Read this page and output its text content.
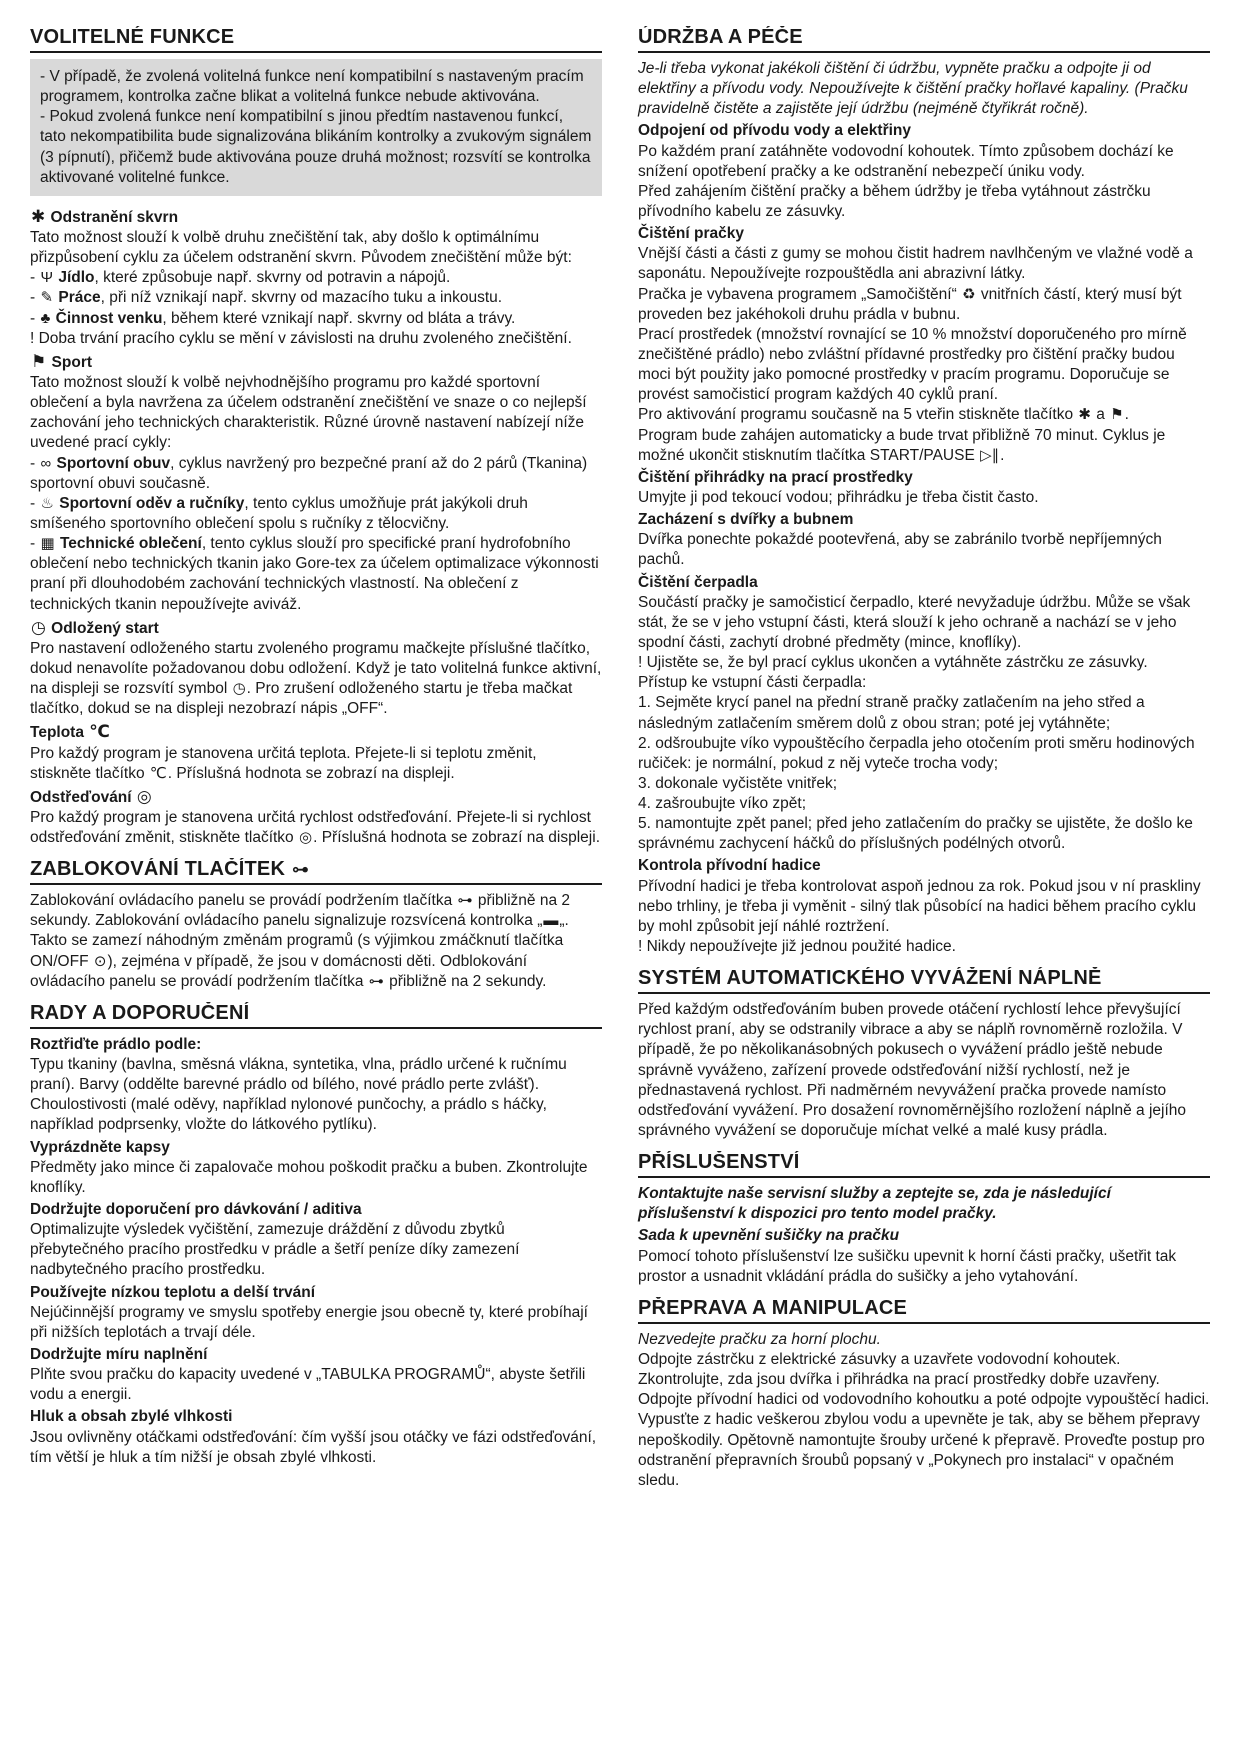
VOLITELNÉ FUNKCE
- V případě, že zvolená volitelná funkce není kompatibilní s nastaveným pracím programem, kontrolka začne blikat a volitelná funkce nebude aktivována.
- Pokud zvolená funkce není kompatibilní s jinou předtím nastavenou funkcí, tato nekompatibilita bude signalizována blikáním kontrolky a zvukovým signálem (3 pípnutí), přičemž bude aktivována pouze druhá možnost; rozsvítí se kontrolka aktivované volitelné funkce.
✱ Odstranění skvrn
Tato možnost slouží k volbě druhu znečištění tak, aby došlo k optimálnímu přizpůsobení cyklu za účelem odstranění skvrn. Původem znečištění může být:
- Ψ Jídlo, které způsobuje např. skvrny od potravin a nápojů.
- ✎ Práce, při níž vznikají např. skvrny od mazacího tuku a inkoustu.
- ♣ Činnost venku, během které vznikají např. skvrny od bláta a trávy.
! Doba trvání pracího cyklu se mění v závislosti na druhu zvoleného znečištění.
⚑ Sport
Tato možnost slouží k volbě nejvhodnějšího programu pro každé sportovní oblečení a byla navržena za účelem odstranění znečištění ve snaze o co nejlepší zachování jeho technických charakteristik. Různé úrovně nastavení nabízejí níže uvedené prací cykly:
- ∞ Sportovní obuv, cyklus navržený pro bezpečné praní až do 2 párů (Tkanina) sportovní obuvi současně.
- ♨ Sportovní oděv a ručníky, tento cyklus umožňuje prát jakýkoli druh smíšeného sportovního oblečení spolu s ručníky z tělocvičny.
- ▦ Technické oblečení, tento cyklus slouží pro specifické praní hydrofobního oblečení nebo technických tkanin jako Gore-tex za účelem optimalizace výkonnosti praní při dlouhodobém zachování technických vlastností. Na oblečení z technických tkanin nepoužívejte aviváž.
◷ Odložený start
Pro nastavení odloženého startu zvoleného programu mačkejte příslušné tlačítko, dokud nenavolíte požadovanou dobu odložení. Když je tato volitelná funkce aktivní, na displeji se rozsvítí symbol ◷. Pro zrušení odloženého startu je třeba mačkat tlačítko, dokud se na displeji nezobrazí nápis „OFF“.
Teplota ℃
Pro každý program je stanovena určitá teplota. Přejete-li si teplotu změnit, stiskněte tlačítko ℃. Příslušná hodnota se zobrazí na displeji.
Odstřeďování ◎
Pro každý program je stanovena určitá rychlost odstřeďování. Přejete-li si rychlost odstřeďování změnit, stiskněte tlačítko ◎. Příslušná hodnota se zobrazí na displeji.
ZABLOKOVÁNÍ TLAČÍTEK ⊶
Zablokování ovládacího panelu se provádí podržením tlačítka ⊶ přibližně na 2 sekundy. Zablokování ovládacího panelu signalizuje rozsvícená kontrolka „▬„. Takto se zamezí náhodným změnám programů (s výjimkou zmáčknutí tlačítka ON/OFF ⊙), zejména v případě, že jsou v domácnosti děti. Odblokování ovládacího panelu se provádí podržením tlačítka ⊶ přibližně na 2 sekundy.
RADY A DOPORUČENÍ
Roztřiďte prádlo podle:
Typu tkaniny (bavlna, směsná vlákna, syntetika, vlna, prádlo určené k ručnímu praní). Barvy (oddělte barevné prádlo od bílého, nové prádlo perte zvlášť). Choulostivosti (malé oděvy, například nylonové punčochy, a prádlo s háčky, například podprsenky, vložte do látkového pytlíku).
Vyprázdněte kapsy
Předměty jako mince či zapalovače mohou poškodit pračku a buben. Zkontrolujte knoflíky.
Dodržujte doporučení pro dávkování / aditiva
Optimalizujte výsledek vyčištění, zamezuje dráždění z důvodu zbytků přebytečného pracího prostředku v prádle a šetří peníze díky zamezení nadbytečného pracího prostředku.
Používejte nízkou teplotu a delší trvání
Nejúčinnější programy ve smyslu spotřeby energie jsou obecně ty, které probíhají při nižších teplotách a trvají déle.
Dodržujte míru naplnění
Plňte svou pračku do kapacity uvedené v „TABULKA PROGRAMŮ“, abyste šetřili vodu a energii.
Hluk a obsah zbylé vlhkosti
Jsou ovlivněny otáčkami odstřeďování: čím vyšší jsou otáčky ve fázi odstřeďování, tím větší je hluk a tím nižší je obsah zbylé vlhkosti.
ÚDRŽBA A PÉČE
Je-li třeba vykonat jakékoli čištění či údržbu, vypněte pračku a odpojte ji od elektřiny a přívodu vody. Nepoužívejte k čištění pračky hořlavé kapaliny. (Pračku pravidelně čistěte a zajistěte její údržbu (nejméně čtyřikrát ročně).
Odpojení od přívodu vody a elektřiny
Po každém praní zatáhněte vodovodní kohoutek. Tímto způsobem dochází ke snížení opotřebení pračky a ke odstranění nebezpečí úniku vody.
Před zahájením čištění pračky a během údržby je třeba vytáhnout zástrčku přívodního kabelu ze zásuvky.
Čištění pračky
Vnější části a části z gumy se mohou čistit hadrem navlhčeným ve vlažné vodě a saponátu. Nepoužívejte rozpouštědla ani abrazivní látky.
Pračka je vybavena programem „Samočištění“ ♻ vnitřních částí, který musí být proveden bez jakéhokoli druhu prádla v bubnu.
Prací prostředek (množství rovnající se 10 % množství doporučeného pro mírně znečištěné prádlo) nebo zvláštní přídavné prostředky pro čištění pračky budou moci být použity jako pomocné prostředky v pracím programu. Doporučuje se provést samočisticí program každých 40 cyklů praní.
Pro aktivování programu současně na 5 vteřin stiskněte tlačítko ✱ a ⚑.
Program bude zahájen automaticky a bude trvat přibližně 70 minut. Cyklus je možné ukončit stisknutím tlačítka START/PAUSE ▷∥.
Čištění přihrádky na prací prostředky
Umyjte ji pod tekoucí vodou; přihrádku je třeba čistit často.
Zacházení s dvířky a bubnem
Dvířka ponechte pokaždé pootevřená, aby se zabránilo tvorbě nepříjemných pachů.
Čištění čerpadla
Součástí pračky je samočisticí čerpadlo, které nevyžaduje údržbu. Může se však stát, že se v jeho vstupní části, která slouží k jeho ochraně a nachází se v jeho spodní části, zachytí drobné předměty (mince, knoflíky).
! Ujistěte se, že byl prací cyklus ukončen a vytáhněte zástrčku ze zásuvky.
Přístup ke vstupní části čerpadla:
1. Sejměte krycí panel na přední straně pračky zatlačením na jeho střed a následným zatlačením směrem dolů z obou stran; poté jej vytáhněte;
2. odšroubujte víko vypouštěcího čerpadla jeho otočením proti směru hodinových ručiček: je normální, pokud z něj vyteče trocha vody;
3. dokonale vyčistěte vnitřek;
4. zašroubujte víko zpět;
5. namontujte zpět panel; před jeho zatlačením do pračky se ujistěte, že došlo ke správnému zachycení háčků do příslušných podélných otvorů.
Kontrola přívodní hadice
Přívodní hadici je třeba kontrolovat aspoň jednou za rok. Pokud jsou v ní praskliny nebo trhliny, je třeba ji vyměnit - silný tlak působící na hadici během pracího cyklu by mohl způsobit její náhlé roztržení.
! Nikdy nepoužívejte již jednou použité hadice.
SYSTÉM AUTOMATICKÉHO VYVÁŽENÍ NÁPLNĚ
Před každým odstřeďováním buben provede otáčení rychlostí lehce převyšující rychlost praní, aby se odstranily vibrace a aby se náplň rovnoměrně rozložila. V případě, že po několikanásobných pokusech o vyvážení prádlo ještě nebude správně vyváženo, zařízení provede odstřeďování nižší rychlostí, než je přednastavená rychlost. Při nadměrném nevyvážení pračka provede namísto odstřeďování vyvážení. Pro dosažení rovnoměrnějšího rozložení náplně a jejího správného vyvážení se doporučuje míchat velké a malé kusy prádla.
PŘÍSLUŠENSTVÍ
Kontaktujte naše servisní služby a zeptejte se, zda je následující příslušenství k dispozici pro tento model pračky.
Sada k upevnění sušičky na pračku
Pomocí tohoto příslušenství lze sušičku upevnit k horní části pračky, ušetřit tak prostor a usnadnit vkládání prádla do sušičky a jeho vytahování.
PŘEPRAVA A MANIPULACE
Nezvedejte pračku za horní plochu.
Odpojte zástrčku z elektrické zásuvky a uzavřete vodovodní kohoutek. Zkontrolujte, zda jsou dvířka i přihrádka na prací prostředky dobře uzavřeny. Odpojte přívodní hadici od vodovodního kohoutku a poté odpojte vypouštěcí hadici. Vypusťte z hadic veškerou zbylou vodu a upevněte je tak, aby se během přepravy nepoškodily. Opětovně namontujte šrouby určené k přepravě. Proveďte postup pro odstranění přepravních šroubů popsaný v „Pokynech pro instalaci“ v opačném sledu.
